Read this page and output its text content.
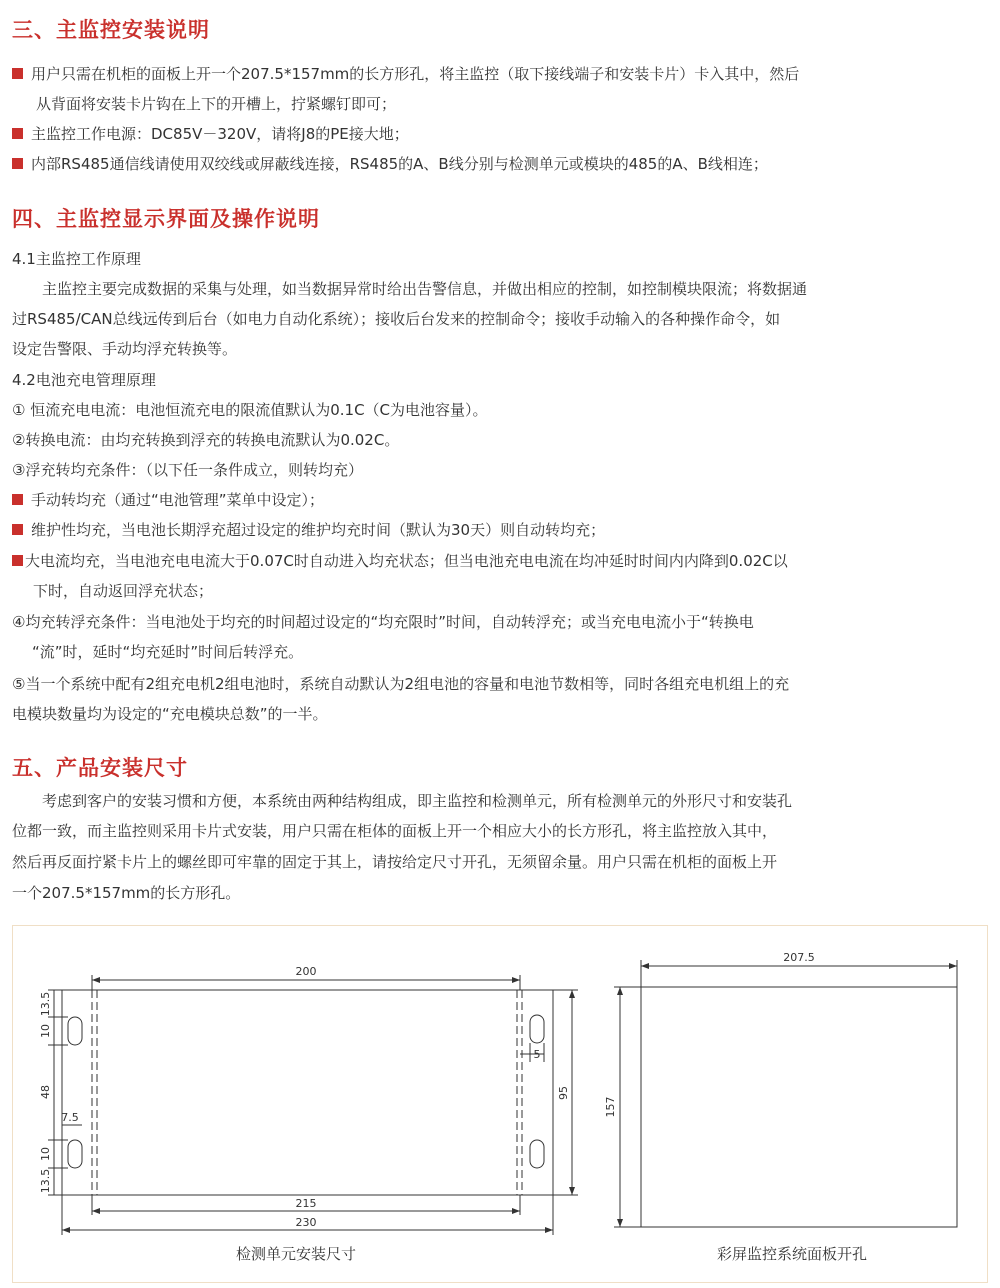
三、主监控安装说明
用户只需在机柜的面板上开一个207.5*157mm的长方形孔，将主监控（取下接线端子和安装卡片）卡入其中，然后
从背面将安装卡片钩在上下的开槽上，拧紧螺钉即可；
主监控工作电源：DC85V－320V，请将J8的PE接大地；
内部RS485通信线请使用双绞线或屏蔽线连接，RS485的A、B线分别与检测单元或模块的485的A、B线相连；
四、主监控显示界面及操作说明
4.1主监控工作原理
主监控主要完成数据的采集与处理，如当数据异常时给出告警信息，并做出相应的控制，如控制模块限流；将数据通
过RS485/CAN总线远传到后台（如电力自动化系统）；接收后台发来的控制命令；接收手动输入的各种操作命令，如
设定告警限、手动均浮充转换等。
4.2电池充电管理原理
① 恒流充电电流：电池恒流充电的限流值默认为0.1C（C为电池容量）。
②转换电流：由均充转换到浮充的转换电流默认为0.02C。
③浮充转均充条件：（以下任一条件成立，则转均充）
手动转均充（通过“电池管理”菜单中设定）；
维护性均充，当电池长期浮充超过设定的维护均充时间（默认为30天）则自动转均充；
大电流均充，当电池充电电流大于0.07C时自动进入均充状态；但当电池充电电流在均冲延时时间内内降到0.02C以
下时，自动返回浮充状态；
④均充转浮充条件：当电池处于均充的时间超过设定的“均充限时”时间，自动转浮充；或当充电电流小于“转换电
“流”时，延时“均充延时”时间后转浮充。
⑤当一个系统中配有2组充电机2组电池时，系统自动默认为2组电池的容量和电池节数相等，同时各组充电机组上的充
电模块数量均为设定的“充电模块总数”的一半。
五、产品安装尺寸
考虑到客户的安装习惯和方便，本系统由两种结构组成，即主监控和检测单元，所有检测单元的外形尺寸和安装孔
位都一致，而主监控则采用卡片式安装，用户只需在柜体的面板上开一个相应大小的长方形孔，将主监控放入其中，
然后再反面拧紧卡片上的螺丝即可牢靠的固定于其上，请按给定尺寸开孔，无须留余量。用户只需在机柜的面板上开
一个207.5*157mm的长方形孔。
200
215
230
95
5
7.5
13.5
10
48
10
13.5
207.5
157
检测单元安装尺寸	彩屏监控系统面板开孔
